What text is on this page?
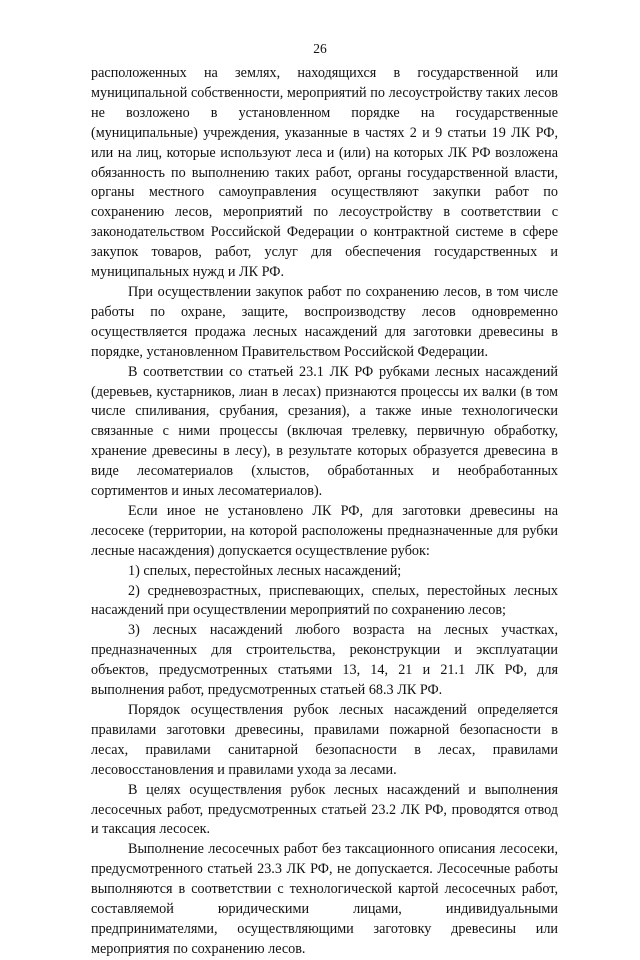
26

расположенных на землях, находящихся в государственной или муниципальной собственности, мероприятий по лесоустройству таких лесов не возложено в установленном порядке на государственные (муниципальные) учреждения, указанные в частях 2 и 9 статьи 19 ЛК РФ, или на лиц, которые используют леса и (или) на которых ЛК РФ возложена обязанность по выполнению таких работ, органы государственной власти, органы местного самоуправления осуществляют закупки работ по сохранению лесов, мероприятий по лесоустройству в соответствии с законодательством Российской Федерации о контрактной системе в сфере закупок товаров, работ, услуг для обеспечения государственных и муниципальных нужд и ЛК РФ.

При осуществлении закупок работ по сохранению лесов, в том числе работы по охране, защите, воспроизводству лесов одновременно осуществляется продажа лесных насаждений для заготовки древесины в порядке, установленном Правительством Российской Федерации.

В соответствии со статьей 23.1 ЛК РФ рубками лесных насаждений (деревьев, кустарников, лиан в лесах) признаются процессы их валки (в том числе спиливания, срубания, срезания), а также иные технологически связанные с ними процессы (включая трелевку, первичную обработку, хранение древесины в лесу), в результате которых образуется древесина в виде лесоматериалов (хлыстов, обработанных и необработанных сортиментов и иных лесоматериалов).

Если иное не установлено ЛК РФ, для заготовки древесины на лесосеке (территории, на которой расположены предназначенные для рубки лесные насаждения) допускается осуществление рубок:

1) спелых, перестойных лесных насаждений;

2) средневозрастных, приспевающих, спелых, перестойных лесных насаждений при осуществлении мероприятий по сохранению лесов;

3) лесных насаждений любого возраста на лесных участках, предназначенных для строительства, реконструкции и эксплуатации объектов, предусмотренных статьями 13, 14, 21 и 21.1 ЛК РФ, для выполнения работ, предусмотренных статьей 68.3 ЛК РФ.

Порядок осуществления рубок лесных насаждений определяется правилами заготовки древесины, правилами пожарной безопасности в лесах, правилами санитарной безопасности в лесах, правилами лесовосстановления и правилами ухода за лесами.

В целях осуществления рубок лесных насаждений и выполнения лесосечных работ, предусмотренных статьей 23.2 ЛК РФ, проводятся отвод и таксация лесосек.

Выполнение лесосечных работ без таксационного описания лесосеки, предусмотренного статьей 23.3 ЛК РФ, не допускается. Лесосечные работы выполняются в соответствии с технологической картой лесосечных работ, составляемой юридическими лицами, индивидуальными предпринимателями, осуществляющими заготовку древесины или мероприятия по сохранению лесов.
